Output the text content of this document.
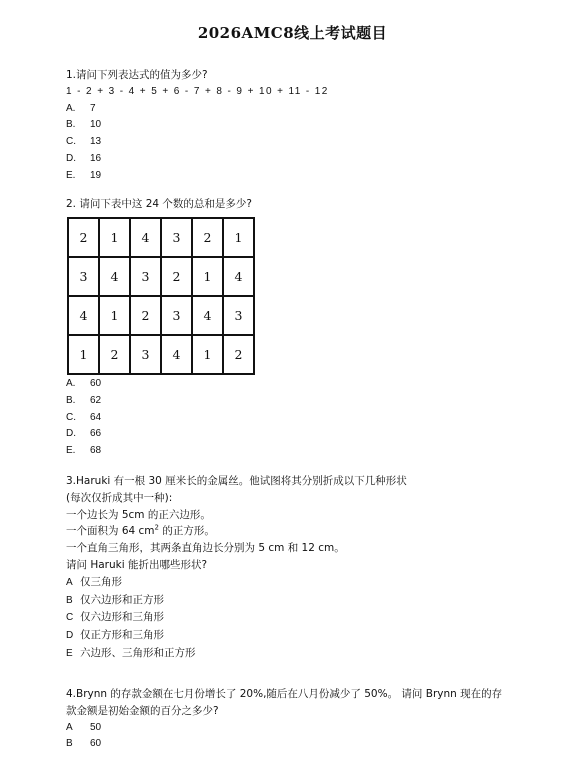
2026AMC8线上考试题目
1.请问下列表达式的值为多少?
1 - 2 + 3 - 4 + 5 + 6 - 7 + 8 - 9 + 10 + 11 - 12
A. 7
B. 10
C. 13
D. 16
E. 19
2. 请问下表中这 24 个数的总和是多少?
2	1	4	3	2	1
3	4	3	2	1	4
4	1	2	3	4	3
1	2	3	4	1	2
A. 60
B. 62
C. 64
D. 66
E. 68
3.Haruki 有一根 30 厘米长的金属丝。他试图将其分别折成以下几种形状
(每次仅折成其中一种):
一个边长为 5cm 的正六边形。
一个面积为 64 $cm^2$ 的正方形。
一个直角三角形，其两条直角边长分别为 5 cm 和 12 cm。
请问 Haruki 能折出哪些形状?
A 仅三角形
B 仅六边形和正方形
C 仅六边形和三角形
D 仅正方形和三角形
E 六边形、三角形和正方形
4.Brynn 的存款金额在七月份增长了 20%,随后在八月份减少了 50%。 请问 Brynn 现在的存
款金额是初始金额的百分之多少?
A 50
B 60
